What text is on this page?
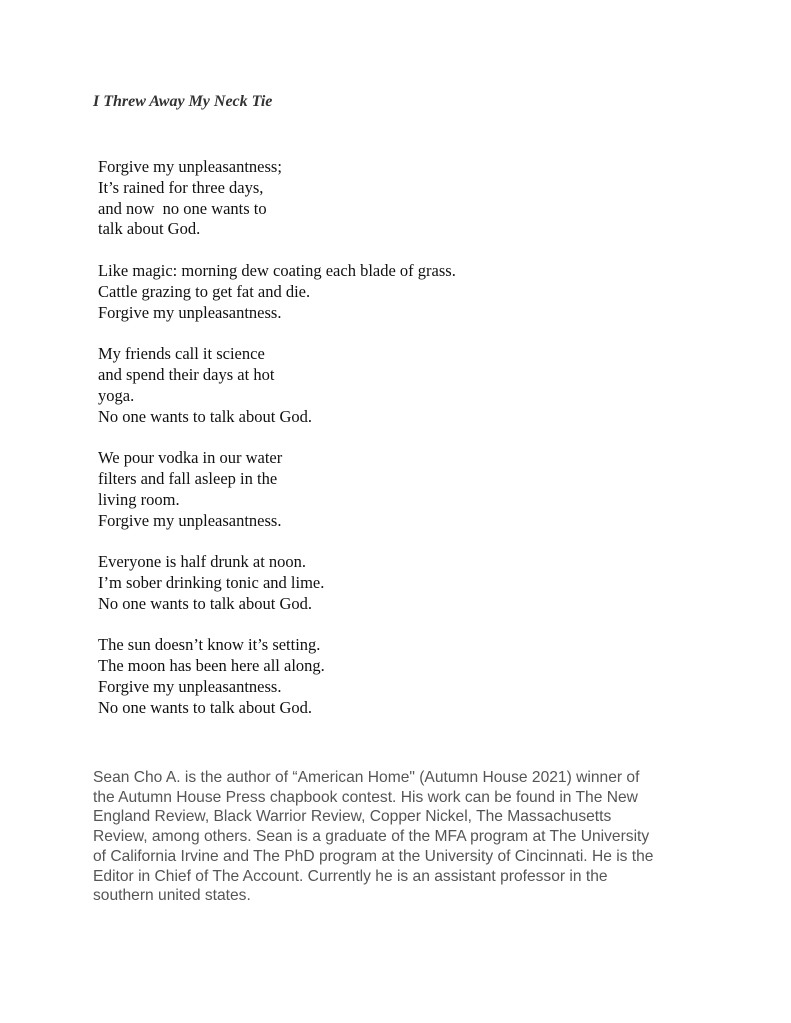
I Threw Away My Neck Tie
Forgive my unpleasantness;
It’s rained for three days,
and now  no one wants to
talk about God.
Like magic: morning dew coating each blade of grass.
Cattle grazing to get fat and die.
Forgive my unpleasantness.
My friends call it science
and spend their days at hot
yoga.
No one wants to talk about God.
We pour vodka in our water
filters and fall asleep in the
living room.
Forgive my unpleasantness.
Everyone is half drunk at noon.
I’m sober drinking tonic and lime.
No one wants to talk about God.
The sun doesn’t know it’s setting.
The moon has been here all along.
Forgive my unpleasantness.
No one wants to talk about God.
Sean Cho A. is the author of “American Home" (Autumn House 2021) winner of
the Autumn House Press chapbook contest. His work can be found in The New
England Review, Black Warrior Review, Copper Nickel, The Massachusetts
Review, among others. Sean is a graduate of the MFA program at The University
of California Irvine and The PhD program at the University of Cincinnati. He is the
Editor in Chief of The Account. Currently he is an assistant professor in the
southern united states.
